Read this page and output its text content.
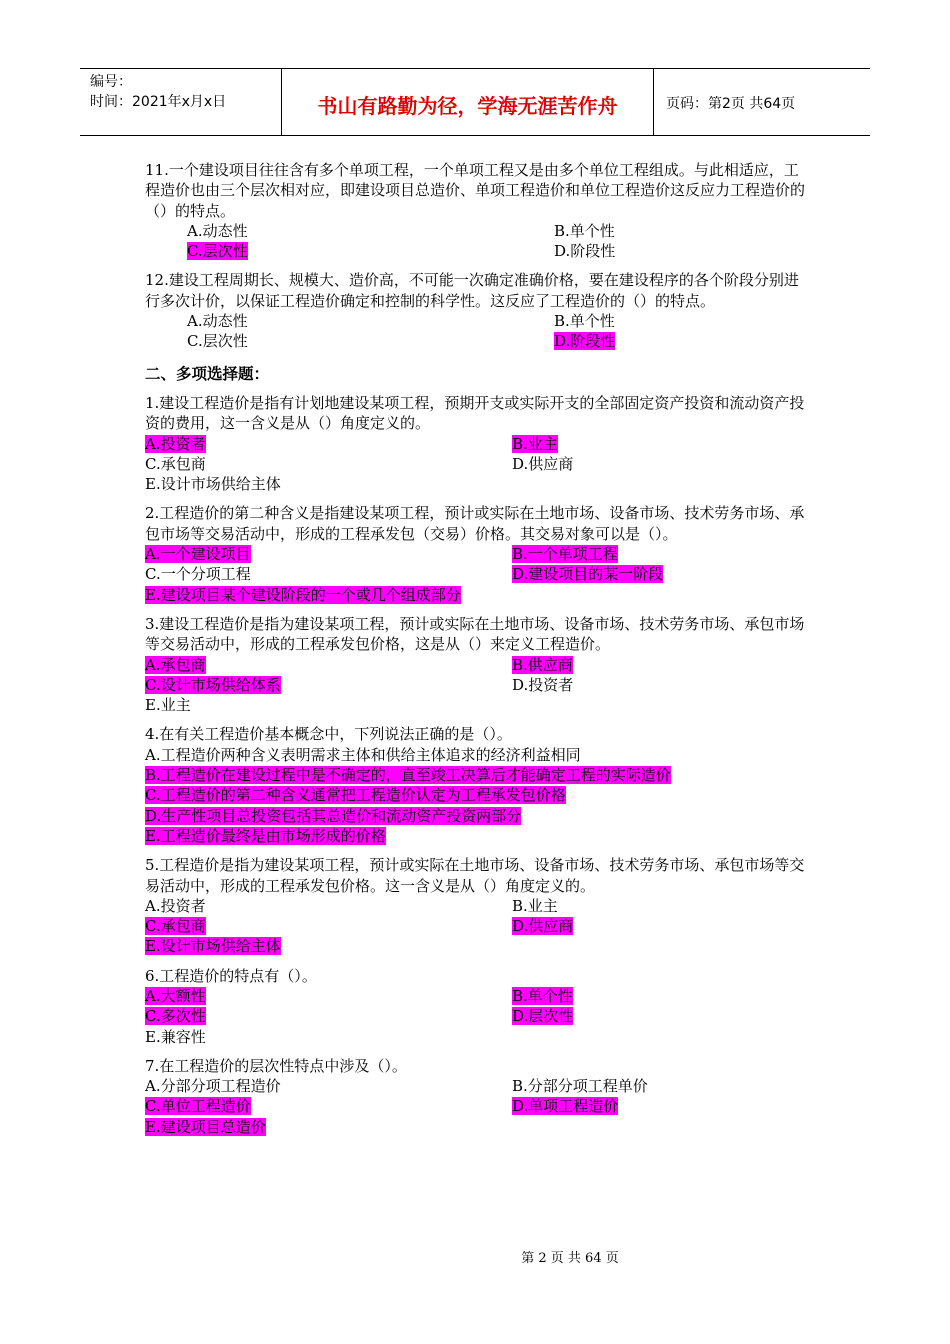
编号：
时间：2021年x月x日	书山有路勤为径，学海无涯苦作舟	页码：第2页 共64页

11.一个建设项目往往含有多个单项工程，一个单项工程又是由多个单位工程组成。与此相适应，工程造价也由三个层次相对应，即建设项目总造价、单项工程造价和单位工程造价这反应力工程造价的（）的特点。

A.动态性	B.单个性
C.层次性	D.阶段性

12.建设工程周期长、规模大、造价高，不可能一次确定准确价格，要在建设程序的各个阶段分别进行多次计价，以保证工程造价确定和控制的科学性。这反应了工程造价的（）的特点。

A.动态性	B.单个性
C.层次性	D.阶段性
二、多项选择题：

1.建设工程造价是指有计划地建设某项工程，预期开支或实际开支的全部固定资产投资和流动资产投资的费用，这一含义是从（）角度定义的。

A.投资者	B.业主
C.承包商	D.供应商
E.设计市场供给主体

2.工程造价的第二种含义是指建设某项工程，预计或实际在土地市场、设备市场、技术劳务市场、承包市场等交易活动中，形成的工程承发包（交易）价格。其交易对象可以是（）。

A.一个建设项目	B.一个单项工程
C.一个分项工程	D.建设项目的某一阶段
E.建设项目某个建设阶段的一个或几个组成部分

3.建设工程造价是指为建设某项工程，预计或实际在土地市场、设备市场、技术劳务市场、承包市场等交易活动中，形成的工程承发包价格，这是从（）来定义工程造价。

A.承包商	B.供应商
C.设计市场供给体系	D.投资者
E.业主

4.在有关工程造价基本概念中，下列说法正确的是（）。

A.工程造价两种含义表明需求主体和供给主体追求的经济利益相同
B.工程造价在建设过程中是不确定的，直至竣工决算后才能确定工程的实际造价
C.工程造价的第二种含义通常把工程造价认定为工程承发包价格
D.生产性项目总投资包括其总造价和流动资产投资两部分
E.工程造价最终是由市场形成的价格

5.工程造价是指为建设某项工程，预计或实际在土地市场、设备市场、技术劳务市场、承包市场等交易活动中，形成的工程承发包价格。这一含义是从（）角度定义的。

A.投资者	B.业主
C.承包商	D.供应商
E.设计市场供给主体

6.工程造价的特点有（）。

A.大额性	B.单个性
C.多次性	D.层次性
E.兼容性

7.在工程造价的层次性特点中涉及（）。

A.分部分项工程造价	B.分部分项工程单价
C.单位工程造价	D.单项工程造价
E.建设项目总造价
第 2 页 共 64 页
